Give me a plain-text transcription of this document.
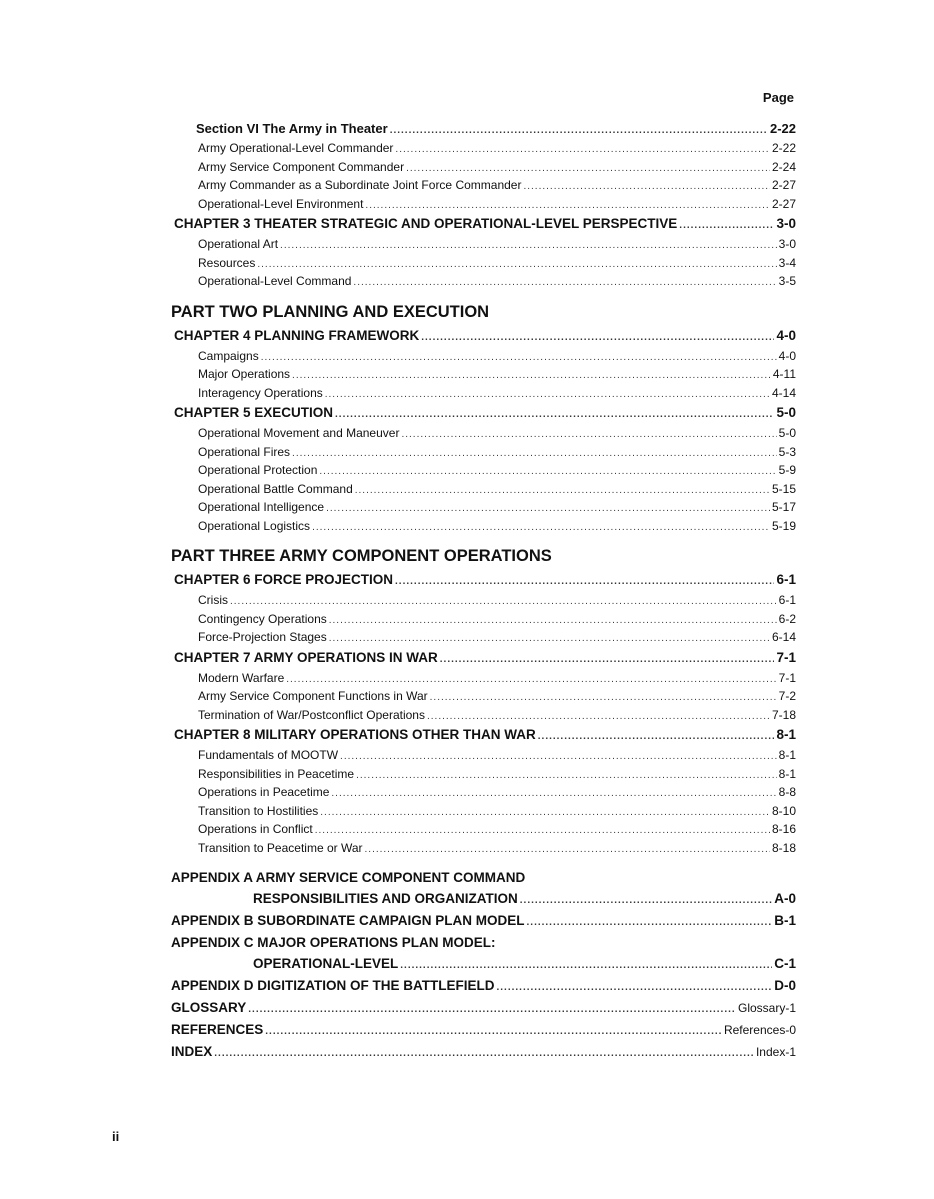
Page
Section VI The Army in Theater .....	2-22
Army Operational-Level Commander .....	2-22
Army Service Component Commander .....	2-24
Army Commander as a Subordinate Joint Force Commander .....	2-27
Operational-Level Environment .....	2-27
CHAPTER 3 THEATER STRATEGIC AND OPERATIONAL-LEVEL PERSPECTIVE .....	3-0
Operational Art .....	3-0
Resources .....	3-4
Operational-Level Command .....	3-5
PART TWO PLANNING AND EXECUTION
CHAPTER 4 PLANNING FRAMEWORK .....	4-0
Campaigns .....	4-0
Major Operations .....	4-11
Interagency Operations .....	4-14
CHAPTER 5 EXECUTION .....	5-0
Operational Movement and Maneuver .....	5-0
Operational Fires .....	5-3
Operational Protection .....	5-9
Operational Battle Command .....	5-15
Operational Intelligence .....	5-17
Operational Logistics .....	5-19
PART THREE ARMY COMPONENT OPERATIONS
CHAPTER 6 FORCE PROJECTION .....	6-1
Crisis .....	6-1
Contingency Operations .....	6-2
Force-Projection Stages .....	6-14
CHAPTER 7 ARMY OPERATIONS IN WAR .....	7-1
Modern Warfare .....	7-1
Army Service Component Functions in War .....	7-2
Termination of War/Postconflict Operations .....	7-18
CHAPTER 8 MILITARY OPERATIONS OTHER THAN WAR .....	8-1
Fundamentals of MOOTW .....	8-1
Responsibilities in Peacetime .....	8-1
Operations in Peacetime .....	8-8
Transition to Hostilities .....	8-10
Operations in Conflict .....	8-16
Transition to Peacetime or War .....	8-18
APPENDIX A ARMY SERVICE COMPONENT COMMAND
RESPONSIBILITIES AND ORGANIZATION .....	A-0
APPENDIX B SUBORDINATE CAMPAIGN PLAN MODEL .....	B-1
APPENDIX C MAJOR OPERATIONS PLAN MODEL:
OPERATIONAL-LEVEL .....	C-1
APPENDIX D DIGITIZATION OF THE BATTLEFIELD .....	D-0
GLOSSARY .....	Glossary-1
REFERENCES .....	References-0
INDEX .....	Index-1
ii
